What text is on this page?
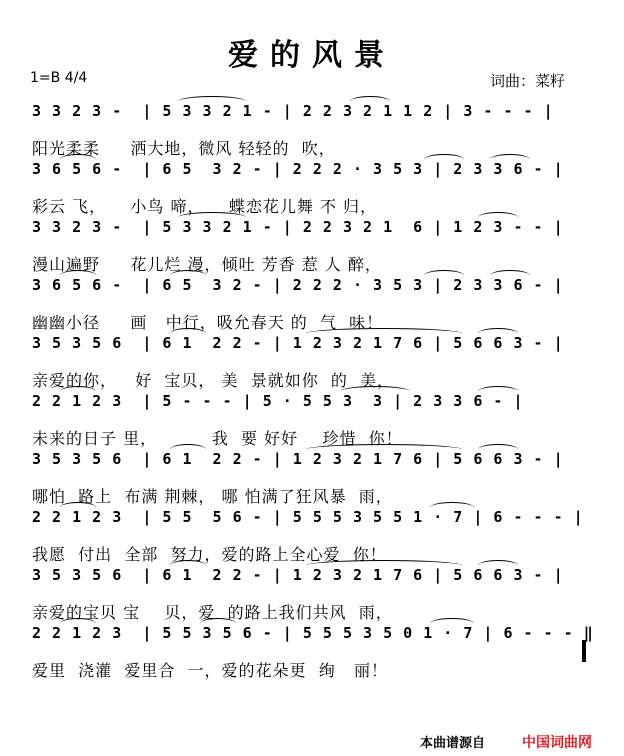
爱的风景
1=B 4/4	词曲：菜籽
3 3 2 3 -  | 5 3 3 2 1 - | 2 2 3 2 1 1 2 | 3 - - - |
阳光柔柔     洒大地，微风 轻轻的  吹，
3 6 5 6 -  | 6 5  3 2 - | 2 2 2 · 3 5 3 | 2 3 3 6 - |
彩云 飞，    小鸟 啼，    蝶恋花儿舞 不 归，
3 3 2 3 -  | 5 3 3 2 1 - | 2 2 3 2 1  6 | 1 2 3 - - |
漫山遍野     花儿烂 漫，倾吐 芳香 惹 人 醉，
3 6 5 6 -  | 6 5  3 2 - | 2 2 2 · 3 5 3 | 2 3 3 6 - |
幽幽小径     画   中行，吸允春天 的  气  味！
3 5 3 5 6  | 6 1  2 2 - | 1 2 3 2 1 7 6 | 5 6 6 3 - |
亲爱的你，   好  宝贝， 美  景就如你  的  美，
2 2 1 2 3  | 5 - - - | 5 · 5 5 3  3 | 2 3 3 6 - |
未来的日子 里，         我  要 好好    珍惜  你！
3 5 3 5 6  | 6 1  2 2 - | 1 2 3 2 1 7 6 | 5 6 6 3 - |
哪怕  路上  布满 荆棘， 哪 怕满了狂风暴  雨，
2 2 1 2 3  | 5 5  5 6 - | 5 5 5 3 5 5 1 · 7 | 6 - - - |
我愿  付出  全部  努力，爱的路上全心爱  你！
3 5 3 5 6  | 6 1  2 2 - | 1 2 3 2 1 7 6 | 5 6 6 3 - |
亲爱的宝贝 宝    贝，爱  的路上我们共风  雨，
2 2 1 2 3  | 5 5 3 5 6 - | 5 5 5 3 5 0 1 · 7 | 6 - - - ‖
爱里  浇灌  爱里合  一，爱的花朵更  绚   丽！
本曲谱源自	中国词曲网
